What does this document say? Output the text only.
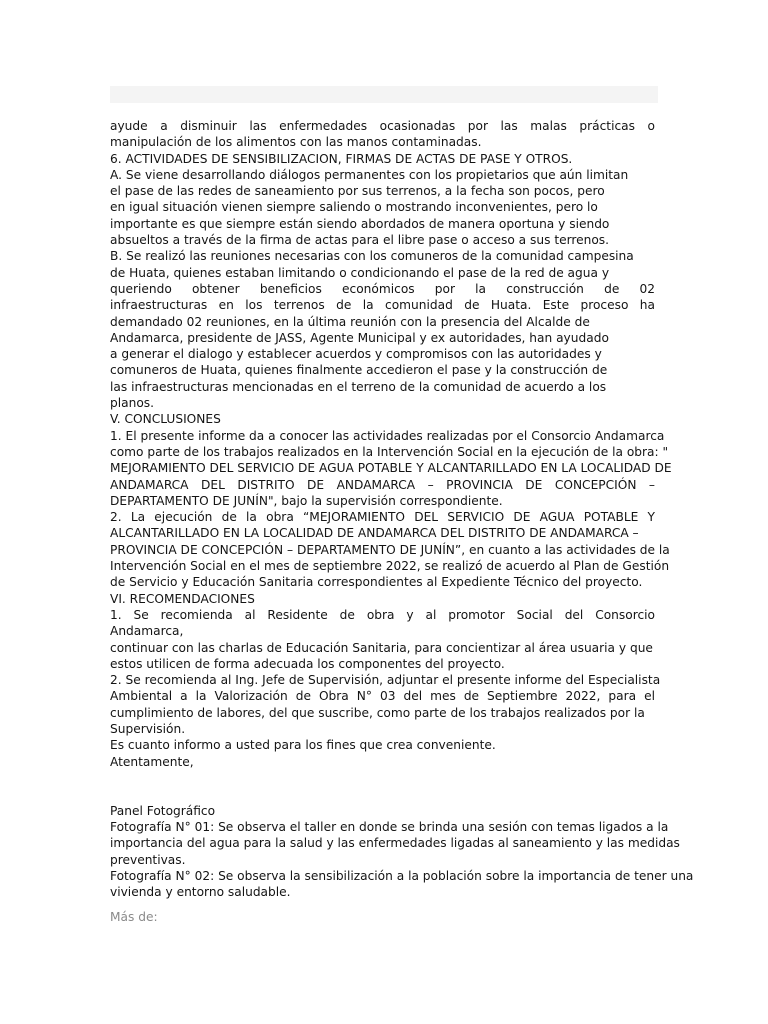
ayude a disminuir las enfermedades ocasionadas por las malas prácticas o
manipulación de los alimentos con las manos contaminadas.
6. ACTIVIDADES DE SENSIBILIZACION, FIRMAS DE ACTAS DE PASE Y OTROS.
A. Se viene desarrollando diálogos permanentes con los propietarios que aún limitan
el pase de las redes de saneamiento por sus terrenos, a la fecha son pocos, pero
en igual situación vienen siempre saliendo o mostrando inconvenientes, pero lo
importante es que siempre están siendo abordados de manera oportuna y siendo
absueltos a través de la firma de actas para el libre pase o acceso a sus terrenos.
B. Se realizó las reuniones necesarias con los comuneros de la comunidad campesina
de Huata, quienes estaban limitando o condicionando el pase de la red de agua y
queriendo obtener beneficios económicos por la construcción de 02
infraestructuras en los terrenos de la comunidad de Huata. Este proceso ha
demandado 02 reuniones, en la última reunión con la presencia del Alcalde de
Andamarca, presidente de JASS, Agente Municipal y ex autoridades, han ayudado
a generar el dialogo y establecer acuerdos y compromisos con las autoridades y
comuneros de Huata, quienes finalmente accedieron el pase y la construcción de
las infraestructuras mencionadas en el terreno de la comunidad de acuerdo a los
planos.
V. CONCLUSIONES
1. El presente informe da a conocer las actividades realizadas por el Consorcio Andamarca
como parte de los trabajos realizados en la Intervención Social en la ejecución de la obra: "
MEJORAMIENTO DEL SERVICIO DE AGUA POTABLE Y ALCANTARILLADO EN LA LOCALIDAD DE
ANDAMARCA DEL DISTRITO DE ANDAMARCA – PROVINCIA DE CONCEPCIÓN –
DEPARTAMENTO DE JUNÍN", bajo la supervisión correspondiente.
2. La ejecución de la obra “MEJORAMIENTO DEL SERVICIO DE AGUA POTABLE Y
ALCANTARILLADO EN LA LOCALIDAD DE ANDAMARCA DEL DISTRITO DE ANDAMARCA –
PROVINCIA DE CONCEPCIÓN – DEPARTAMENTO DE JUNÍN”, en cuanto a las actividades de la
Intervención Social en el mes de septiembre 2022, se realizó de acuerdo al Plan de Gestión
de Servicio y Educación Sanitaria correspondientes al Expediente Técnico del proyecto.
VI. RECOMENDACIONES
1. Se recomienda al Residente de obra y al promotor Social del Consorcio
Andamarca,
continuar con las charlas de Educación Sanitaria, para concientizar al área usuaria y que
estos utilicen de forma adecuada los componentes del proyecto.
2. Se recomienda al Ing. Jefe de Supervisión, adjuntar el presente informe del Especialista
Ambiental a la Valorización de Obra N° 03 del mes de Septiembre 2022, para el
cumplimiento de labores, del que suscribe, como parte de los trabajos realizados por la
Supervisión.
Es cuanto informo a usted para los fines que crea conveniente.
Atentamente,
Panel Fotográfico
Fotografía N° 01: Se observa el taller en donde se brinda una sesión con temas ligados a la
importancia del agua para la salud y las enfermedades ligadas al saneamiento y las medidas
preventivas.
Fotografía N° 02: Se observa la sensibilización a la población sobre la importancia de tener una
vivienda y entorno saludable.
Más de:
